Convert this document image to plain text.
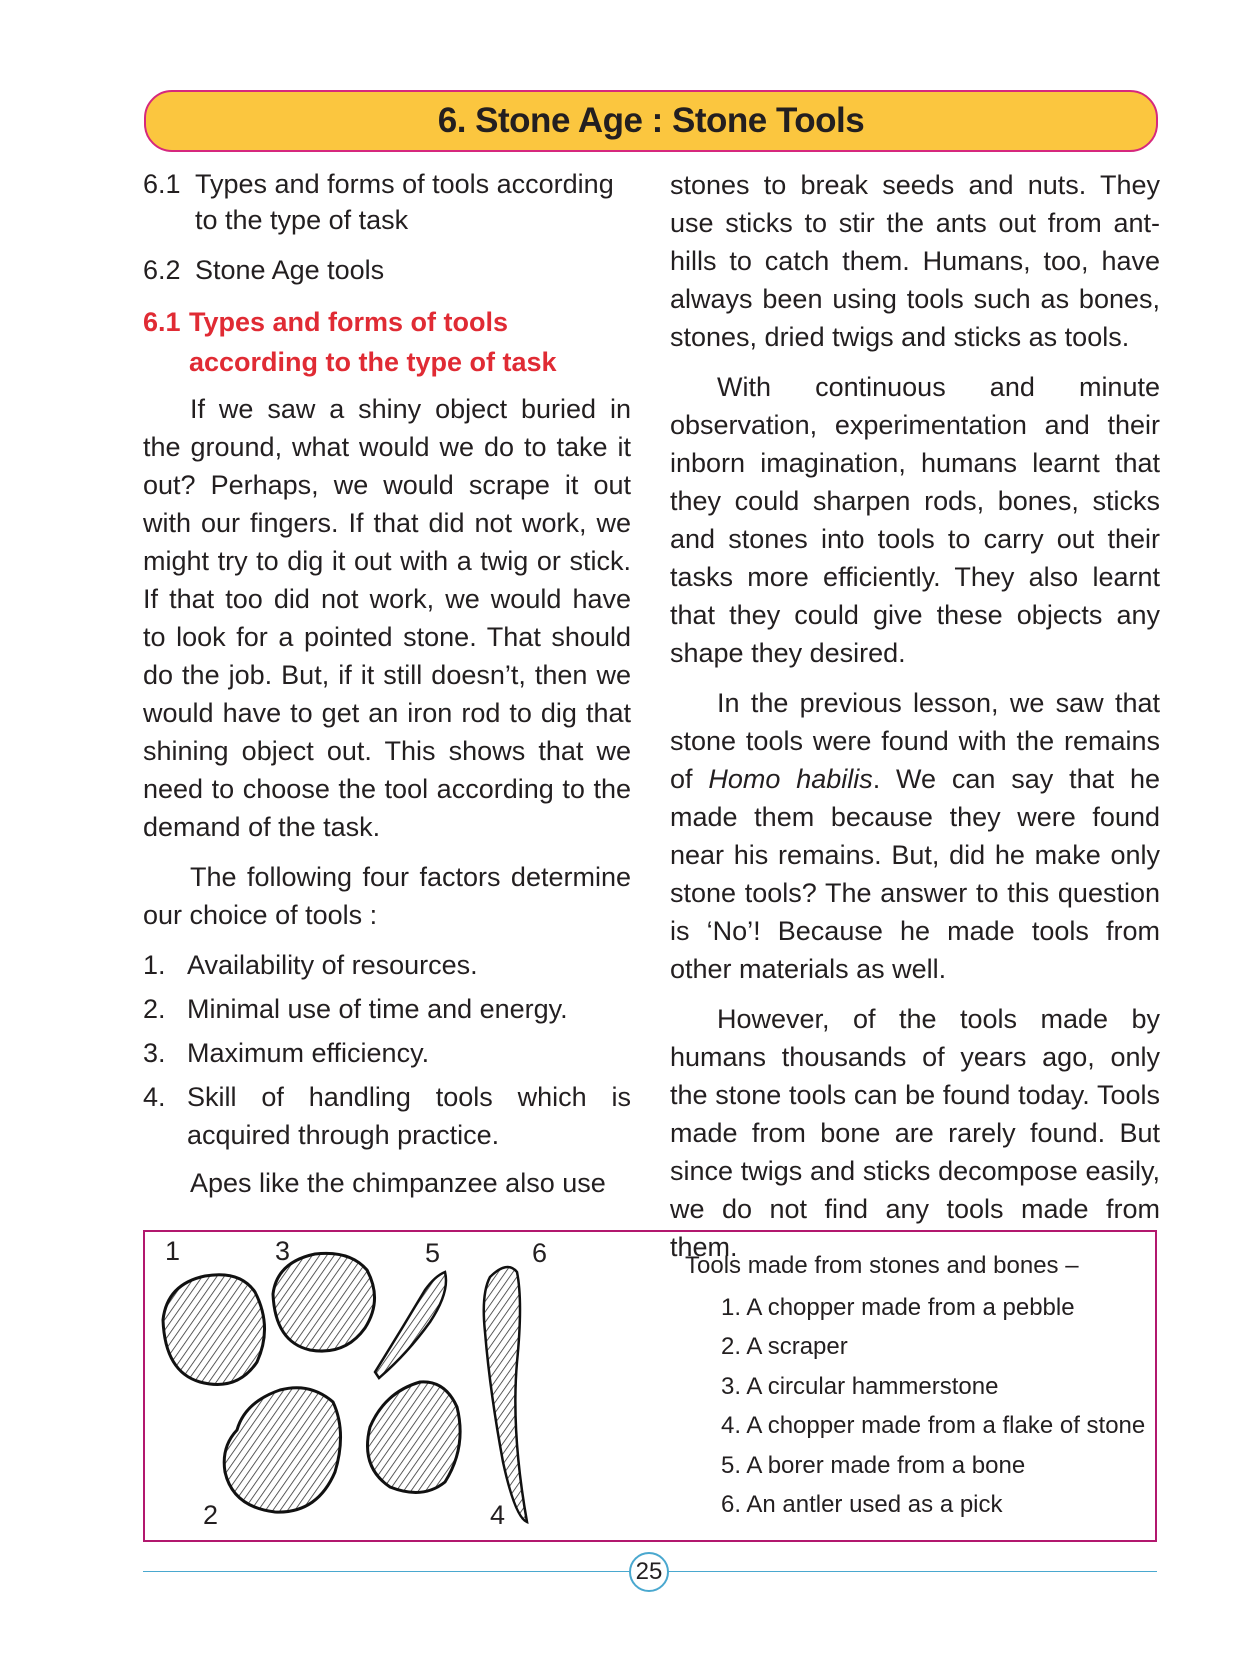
6. Stone Age : Stone Tools
6.1 Types and forms of tools according to the type of task
6.2 Stone Age tools
6.1 Types and forms of tools according to the type of task

If we saw a shiny object buried in the ground, what would we do to take it out? Perhaps, we would scrape it out with our fingers. If that did not work, we might try to dig it out with a twig or stick. If that too did not work, we would have to look for a pointed stone. That should do the job. But, if it still doesn’t, then we would have to get an iron rod to dig that shining object out. This shows that we need to choose the tool according to the demand of the task.

The following four factors determine our choice of tools :

1. Availability of resources.
2. Minimal use of time and energy.
3. Maximum efficiency.
4. Skill of handling tools which is acquired through practice.

Apes like the chimpanzee also use

stones to break seeds and nuts. They use sticks to stir the ants out from ant-hills to catch them. Humans, too, have always been using tools such as bones, stones, dried twigs and sticks as tools.

With continuous and minute observation, experimentation and their inborn imagination, humans learnt that they could sharpen rods, bones, sticks and stones into tools to carry out their tasks more efficiently. They also learnt that they could give these objects any shape they desired.

In the previous lesson, we saw that stone tools were found with the remains of Homo habilis. We can say that he made them because they were found near his remains. But, did he make only stone tools? The answer to this question is ‘No’! Because he made tools from other materials as well.

However, of the tools made by humans thousands of years ago, only the stone tools can be found today. Tools made from bone are rarely found. But since twigs and sticks decompose easily, we do not find any tools made from them.

1
2
3
4
5	6	Tools made from stones and bones –
1. A chopper made from a pebble
2. A scraper
3. A circular hammerstone
4. A chopper made from a flake of stone
5. A borer made from a bone
6. An antler used as a pick
25
